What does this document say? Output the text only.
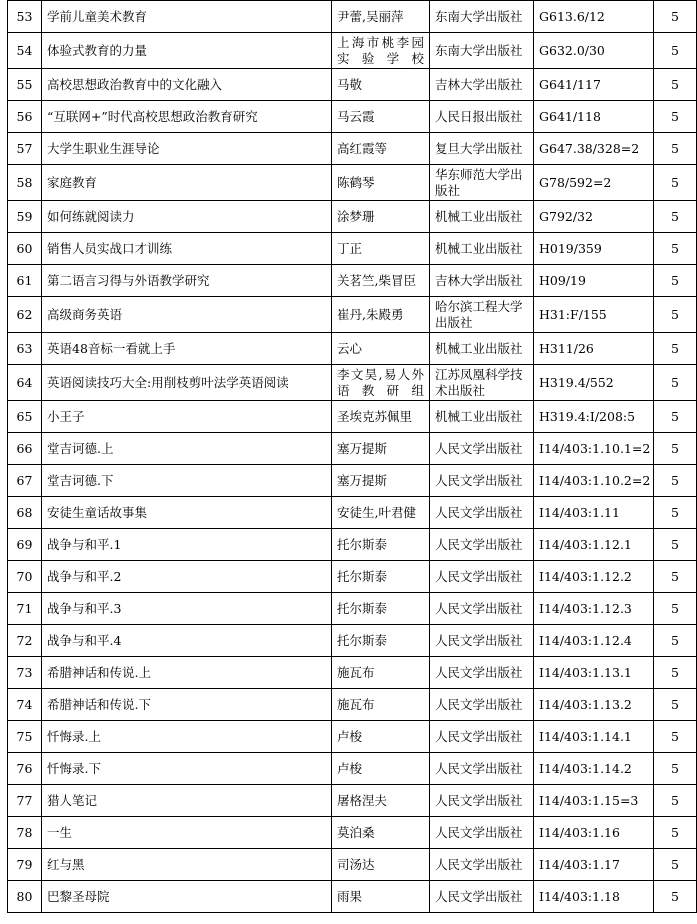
53	学前儿童美术教育	尹蕾,吴丽萍	东南大学出版社	G613.6/12	5
54	体验式教育的力量	上海市桃李园实验学校	东南大学出版社	G632.0/30	5
55	高校思想政治教育中的文化融入	马敬	吉林大学出版社	G641/117	5
56	“互联网+”时代高校思想政治教育研究	马云霞	人民日报出版社	G641/118	5
57	大学生职业生涯导论	高红霞等	复旦大学出版社	G647.38/328=2	5
58	家庭教育	陈鹤琴	华东师范大学出版社	G78/592=2	5
59	如何练就阅读力	涂梦珊	机械工业出版社	G792/32	5
60	销售人员实战口才训练	丁正	机械工业出版社	H019/359	5
61	第二语言习得与外语教学研究	关茗竺,柴冒臣	吉林大学出版社	H09/19	5
62	高级商务英语	崔丹,朱殿勇	哈尔滨工程大学出版社	H31:F/155	5
63	英语48音标一看就上手	云心	机械工业出版社	H311/26	5
64	英语阅读技巧大全:用削枝剪叶法学英语阅读	李文昊,易人外语教研组	江苏凤凰科学技术出版社	H319.4/552	5
65	小王子	圣埃克苏佩里	机械工业出版社	H319.4:I/208:5	5
66	堂吉诃德.上	塞万提斯	人民文学出版社	I14/403:1.10.1=2	5
67	堂吉诃德.下	塞万提斯	人民文学出版社	I14/403:1.10.2=2	5
68	安徒生童话故事集	安徒生,叶君健	人民文学出版社	I14/403:1.11	5
69	战争与和平.1	托尔斯泰	人民文学出版社	I14/403:1.12.1	5
70	战争与和平.2	托尔斯泰	人民文学出版社	I14/403:1.12.2	5
71	战争与和平.3	托尔斯泰	人民文学出版社	I14/403:1.12.3	5
72	战争与和平.4	托尔斯泰	人民文学出版社	I14/403:1.12.4	5
73	希腊神话和传说.上	施瓦布	人民文学出版社	I14/403:1.13.1	5
74	希腊神话和传说.下	施瓦布	人民文学出版社	I14/403:1.13.2	5
75	忏悔录.上	卢梭	人民文学出版社	I14/403:1.14.1	5
76	忏悔录.下	卢梭	人民文学出版社	I14/403:1.14.2	5
77	猎人笔记	屠格涅夫	人民文学出版社	I14/403:1.15=3	5
78	一生	莫泊桑	人民文学出版社	I14/403:1.16	5
79	红与黑	司汤达	人民文学出版社	I14/403:1.17	5
80	巴黎圣母院	雨果	人民文学出版社	I14/403:1.18	5
